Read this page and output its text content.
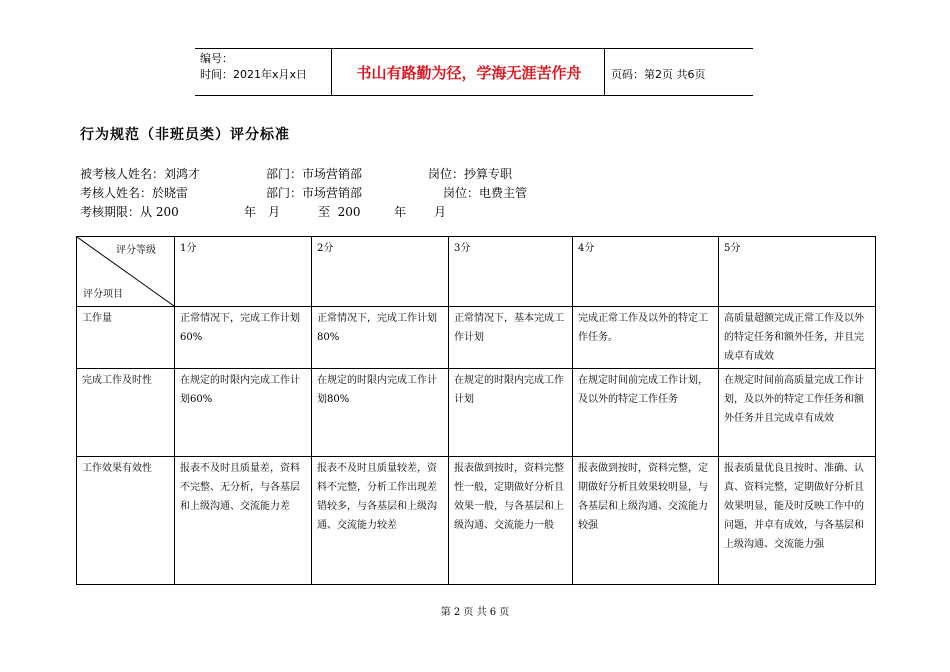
编号：
时间：2021年x月x日	书山有路勤为径，学海无涯苦作舟	页码：第2页 共6页
行为规范（非班员类）评分标准
被考核人姓名：刘鸿才	部门：市场营销部	岗位：抄算专职
考核人姓名：於晓雷	部门：市场营销部	岗位：电费主管
考核期限：从 200	年 月	至  200	年 月
评分等级
评分项目	1分	2分	3分	4分	5分
工作量	正常情况下，完成工作计划60%	正常情况下，完成工作计划80%	正常情况下，基本完成工作计划	完成正常工作及以外的特定工作任务。	高质量超额完成正常工作及以外的特定任务和额外任务，并且完成卓有成效
完成工作及时性	在规定的时限内完成工作计划60%	在规定的时限内完成工作计划80%	在规定的时限内完成工作计划	在规定时间前完成工作计划，及以外的特定工作任务	在规定时间前高质量完成工作计划，及以外的特定工作任务和额外任务并且完成卓有成效
工作效果有效性	报表不及时且质量差，资料不完整、无分析，与各基层和上级沟通、交流能力差	报表不及时且质量较差，资料不完整，分析工作出现差错较多，与各基层和上级沟通、交流能力较差	报表做到按时，资料完整性一般，定期做好分析且效果一般，与各基层和上级沟通、交流能力一般	报表做到按时，资料完整，定期做好分析且效果较明显，与各基层和上级沟通、交流能力较强	报表质量优良且按时、准确、认真、资料完整，定期做好分析且效果明显，能及时反映工作中的问题，并卓有成效，与各基层和上级沟通、交流能力强
第 2 页 共 6 页
